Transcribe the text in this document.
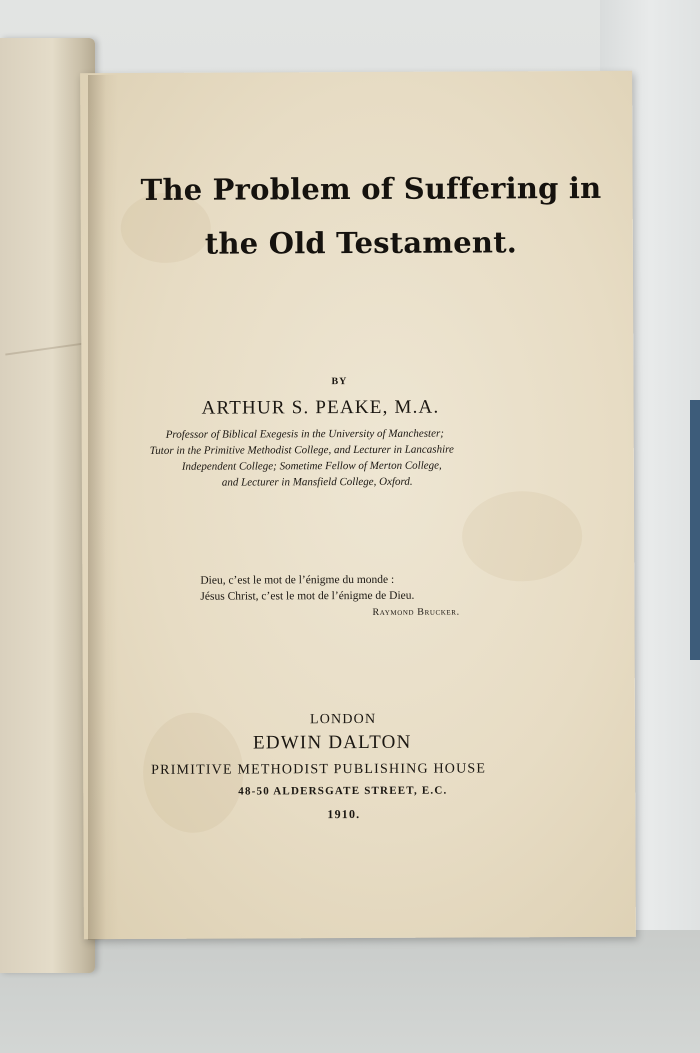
The Problem of Suffering in
the Old Testament.
BY
ARTHUR S. PEAKE, M.A.
Professor of Biblical Exegesis in the University of Manchester;
Tutor in the Primitive Methodist College, and Lecturer in Lancashire
Independent College; Sometime Fellow of Merton College,
and Lecturer in Mansfield College, Oxford.
Dieu, c’est le mot de l’énigme du monde :
Jésus Christ, c’est le mot de l’énigme de Dieu.
Raymond Brucker.
LONDON
EDWIN DALTON
PRIMITIVE METHODIST PUBLISHING HOUSE
48-50 ALDERSGATE STREET, E.C.
1910.
